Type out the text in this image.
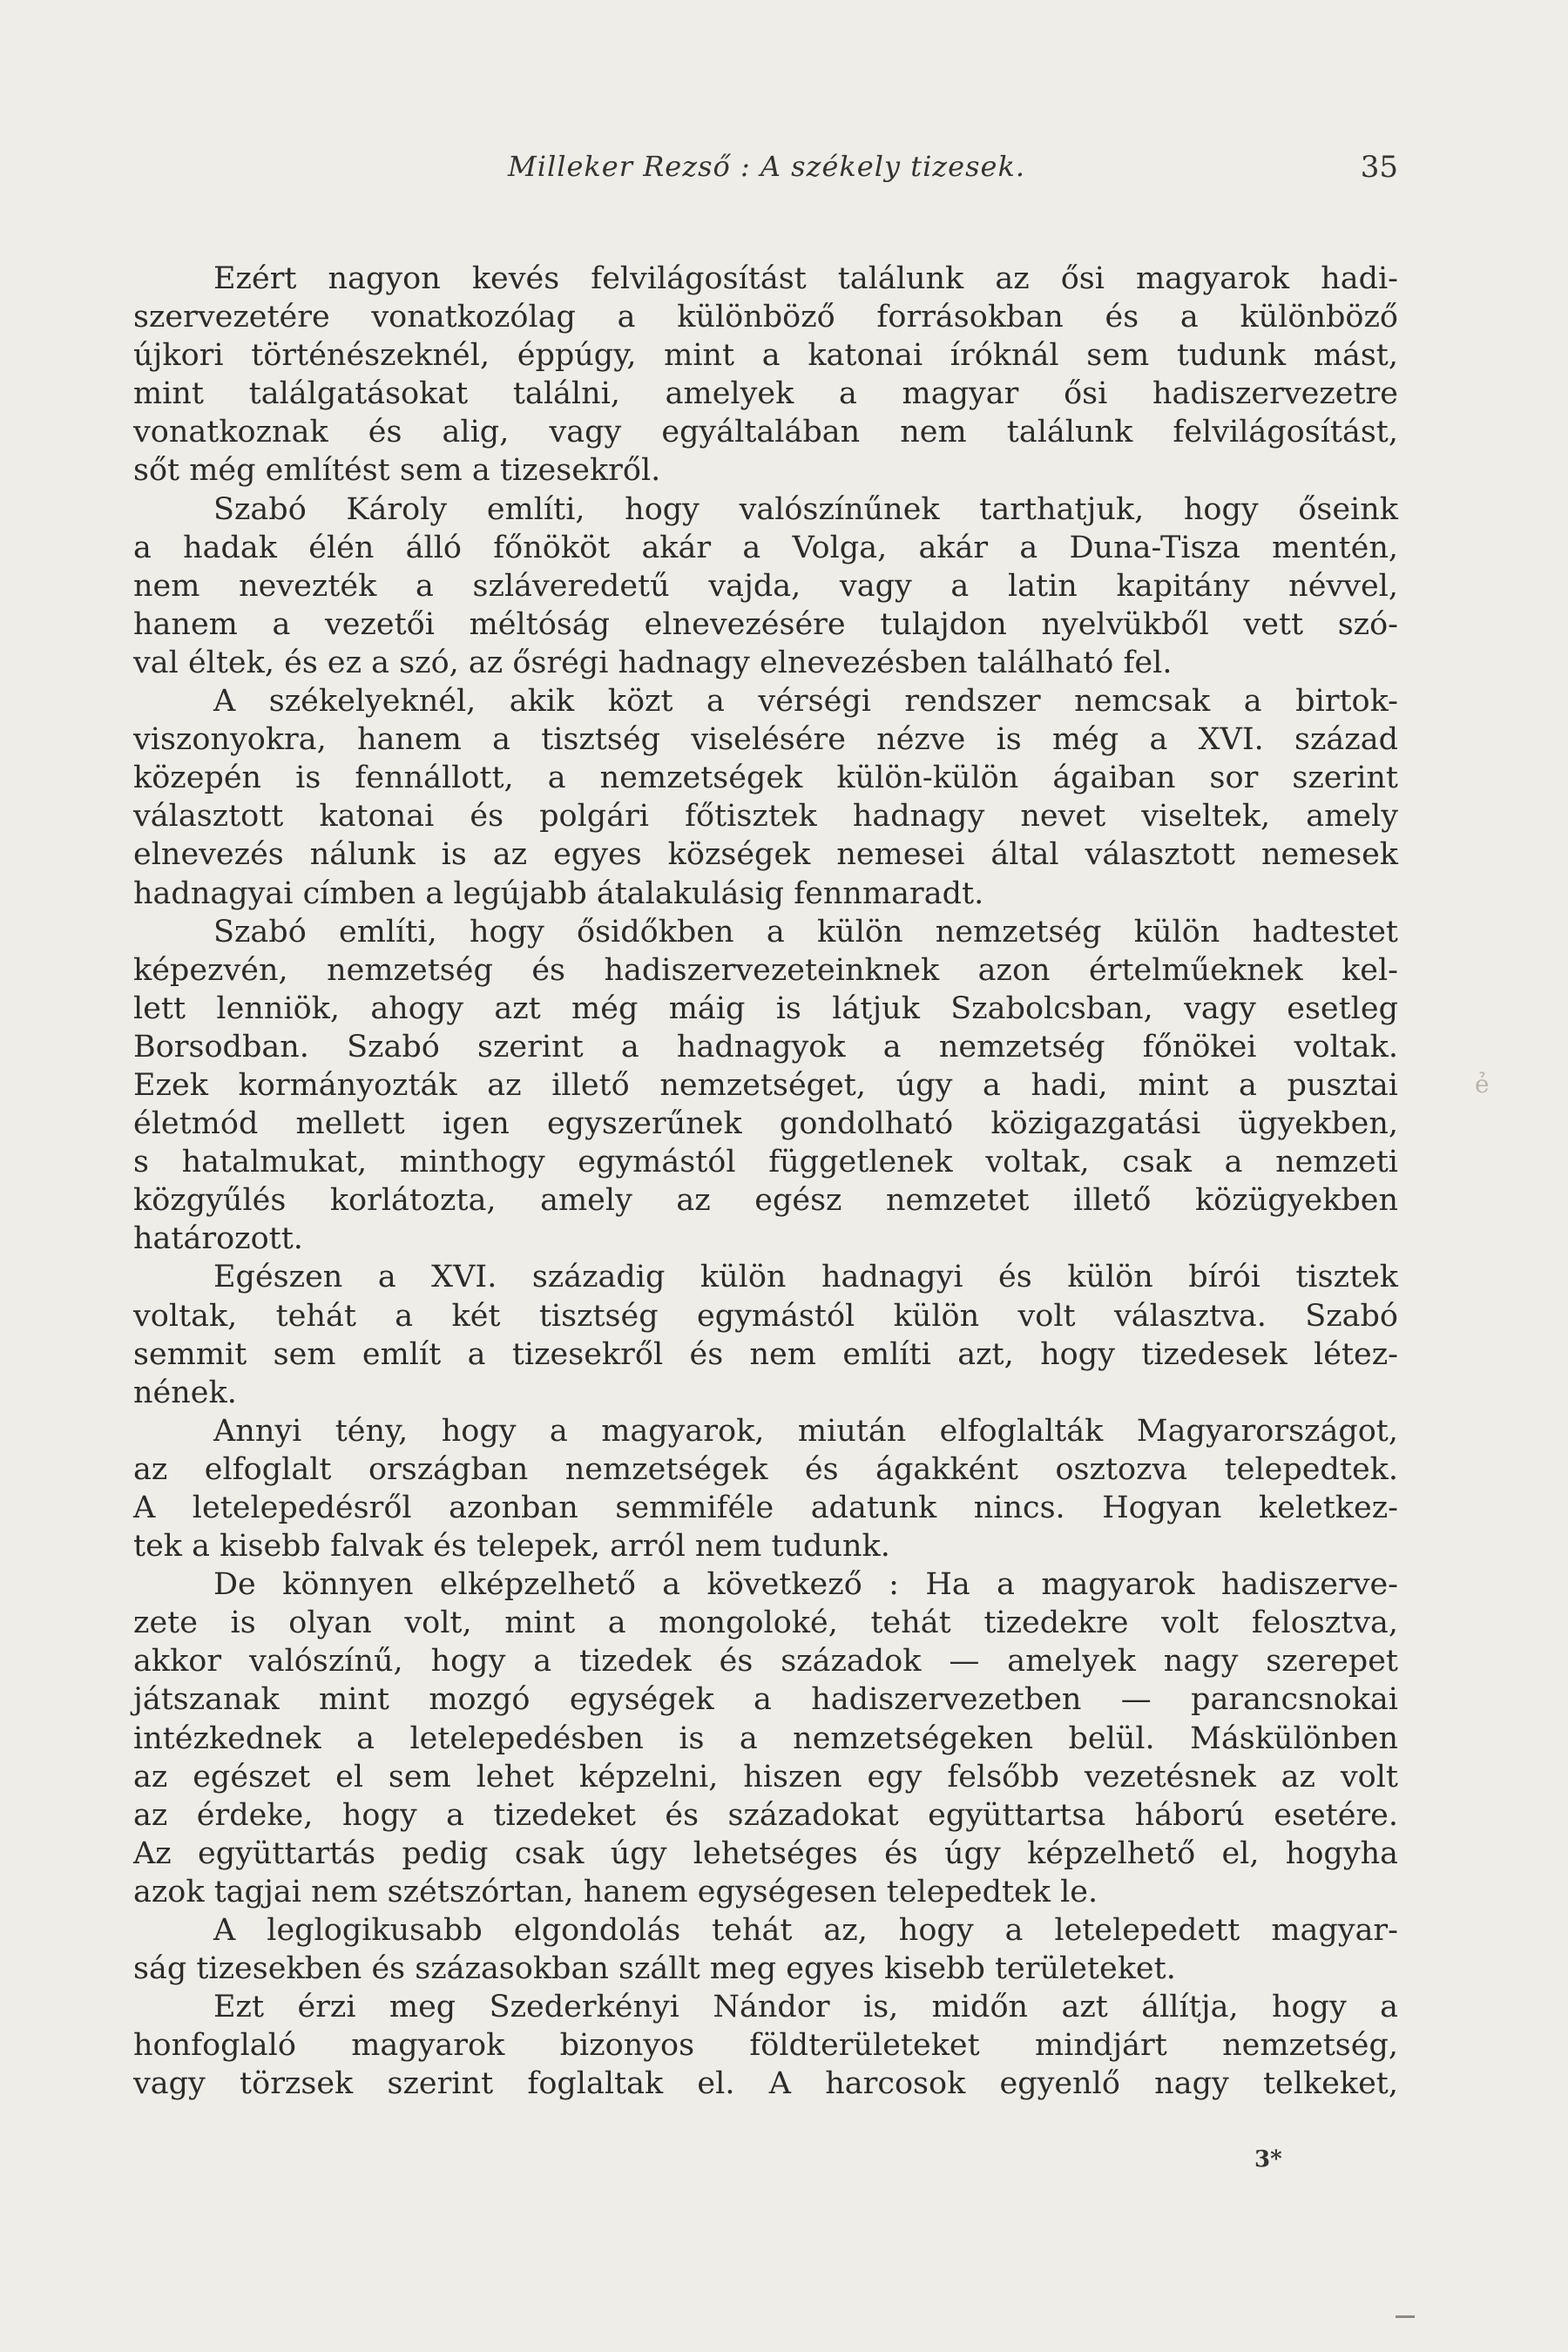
Milleker Rezső : A székely tizesek.	35
Ezért nagyon kevés felvilágosítást találunk az ősi magyarok hadi-
szervezetére vonatkozólag a különböző forrásokban és a különböző
újkori történészeknél, éppúgy, mint a katonai íróknál sem tudunk mást,
mint találgatásokat találni, amelyek a magyar ősi hadiszervezetre
vonatkoznak és alig, vagy egyáltalában nem találunk felvilágosítást,
sőt még említést sem a tizesekről.
Szabó Károly említi, hogy valószínűnek tarthatjuk, hogy őseink
a hadak élén álló főnököt akár a Volga, akár a Duna-Tisza mentén,
nem nevezték a szláveredetű vajda, vagy a latin kapitány névvel,
hanem a vezetői méltóság elnevezésére tulajdon nyelvükből vett szó-
val éltek, és ez a szó, az ősrégi hadnagy elnevezésben található fel.
A székelyeknél, akik közt a vérségi rendszer nemcsak a birtok-
viszonyokra, hanem a tisztség viselésére nézve is még a XVI. század
közepén is fennállott, a nemzetségek külön-külön ágaiban sor szerint
választott katonai és polgári főtisztek hadnagy nevet viseltek, amely
elnevezés nálunk is az egyes községek nemesei által választott nemesek
hadnagyai címben a legújabb átalakulásig fennmaradt.
Szabó említi, hogy ősidőkben a külön nemzetség külön hadtestet
képezvén, nemzetség és hadiszervezeteinknek azon értelműeknek kel-
lett lenniök, ahogy azt még máig is látjuk Szabolcsban, vagy esetleg
Borsodban. Szabó szerint a hadnagyok a nemzetség főnökei voltak.
Ezek kormányozták az illető nemzetséget, úgy a hadi, mint a pusztai
életmód mellett igen egyszerűnek gondolható közigazgatási ügyekben,
s hatalmukat, minthogy egymástól függetlenek voltak, csak a nemzeti
közgyűlés korlátozta, amely az egész nemzetet illető közügyekben
határozott.
Egészen a XVI. századig külön hadnagyi és külön bírói tisztek
voltak, tehát a két tisztség egymástól külön volt választva. Szabó
semmit sem említ a tizesekről és nem említi azt, hogy tizedesek létez-
nének.
Annyi tény, hogy a magyarok, miután elfoglalták Magyarországot,
az elfoglalt országban nemzetségek és ágakként osztozva telepedtek.
A letelepedésről azonban semmiféle adatunk nincs. Hogyan keletkez-
tek a kisebb falvak és telepek, arról nem tudunk.
De könnyen elképzelhető a következő : Ha a magyarok hadiszerve-
zete is olyan volt, mint a mongoloké, tehát tizedekre volt felosztva,
akkor valószínű, hogy a tizedek és századok — amelyek nagy szerepet
játszanak mint mozgó egységek a hadiszervezetben — parancsnokai
intézkednek a letelepedésben is a nemzetségeken belül. Máskülönben
az egészet el sem lehet képzelni, hiszen egy felsőbb vezetésnek az volt
az érdeke, hogy a tizedeket és századokat együttartsa háború esetére.
Az együttartás pedig csak úgy lehetséges és úgy képzelhető el, hogyha
azok tagjai nem szétszórtan, hanem egységesen telepedtek le.
A leglogikusabb elgondolás tehát az, hogy a letelepedett magyar-
ság tizesekben és százasokban szállt meg egyes kisebb területeket.
Ezt érzi meg Szederkényi Nándor is, midőn azt állítja, hogy a
honfoglaló magyarok bizonyos földterületeket mindjárt nemzetség,
vagy törzsek szerint foglaltak el. A harcosok egyenlő nagy telkeket,
3*
ẻ
